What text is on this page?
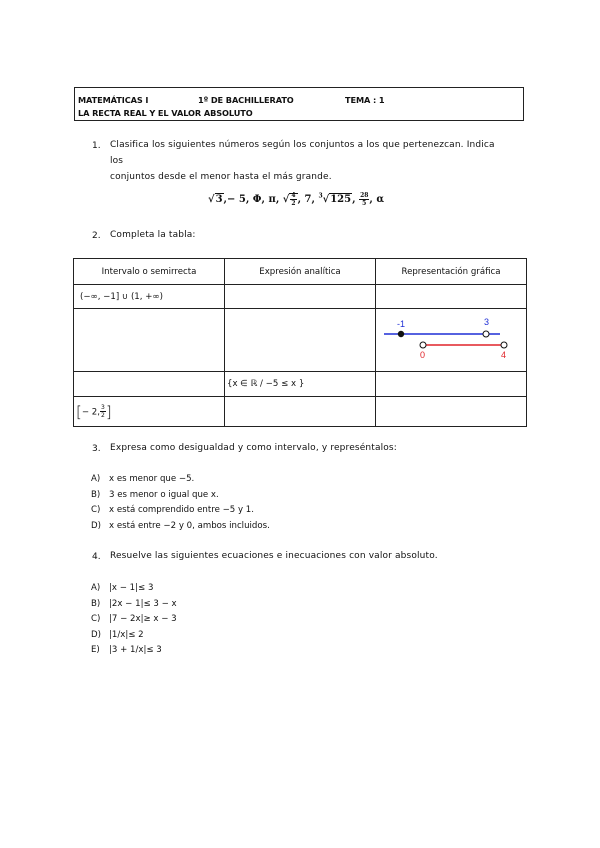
MATEMÁTICAS I	1º DE BACHILLERATO	TEMA : 1
LA RECTA REAL Y EL VALOR ABSOLUTO
1. Clasifica los siguientes números según los conjuntos a los que pertenezcan. Indica los
conjuntos desde el menor hasta el más grande.
√3,− 5, Φ, π, √ $\frac{4}{2}$ , 7, $^3$√125, $\frac{28}{5}$ , α
2. Completa la tabla:
Intervalo o semirrecta	Expresión analítica	Representación gráfica
(−∞, −1] ∪ (1, +∞)		

-1 3
0 4

	{x ∈ ℝ / −5 ≤ x }	
[− 2, $\frac{3}{2}$ ]		
3. Expresa como desigualdad y como intervalo, y represéntalos:
A)	x es menor que −5.
B)	3 es menor o igual que x.
C)	x está comprendido entre −5 y 1.
D) x está entre −2 y 0, ambos incluidos.
4. Resuelve las siguientes ecuaciones e inecuaciones con valor absoluto.
A)	|x − 1|≤ 3
B)	|2x − 1|≤ 3 − x
C)	|7 − 2x|≥ x − 3
D) |1/x|≤ 2
E)	|3 + 1/x|≤ 3
